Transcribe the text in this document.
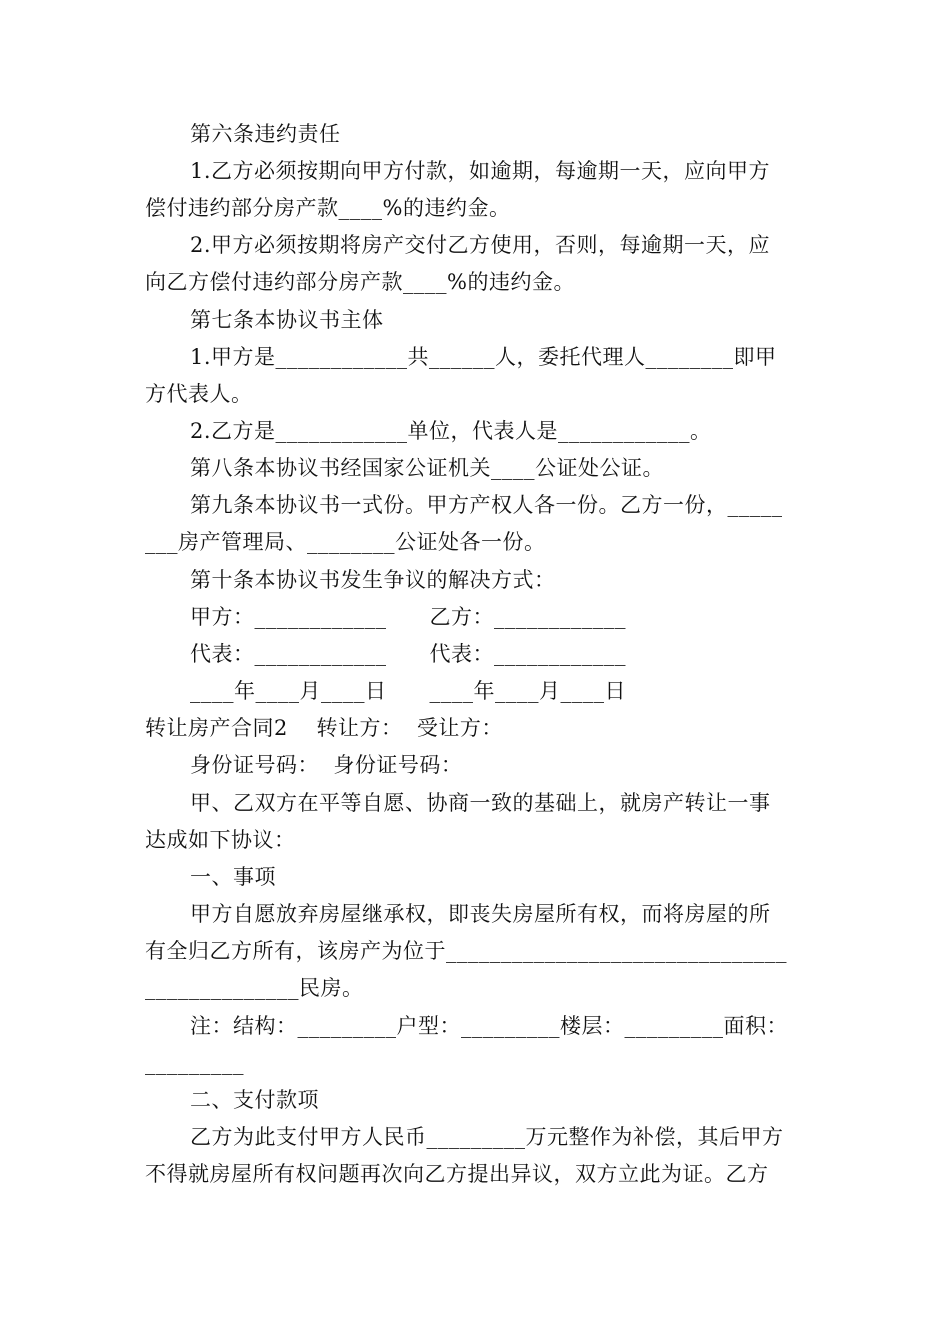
第六条违约责任
1.乙方必须按期向甲方付款，如逾期，每逾期一天，应向甲方
偿付违约部分房产款____%的违约金。
2.甲方必须按期将房产交付乙方使用，否则，每逾期一天，应
向乙方偿付违约部分房产款____%的违约金。
第七条本协议书主体
1.甲方是____________共______人，委托代理人________即甲
方代表人。
2.乙方是____________单位，代表人是____________。
第八条本协议书经国家公证机关____公证处公证。
第九条本协议书一式份。甲方产权人各一份。乙方一份，_____
___房产管理局、________公证处各一份。
第十条本协议书发生争议的解决方式：
甲方：____________      乙方：____________
代表：____________      代表：____________
____年____月____日      ____年____月____日
转让房产合同2    转让方：  受让方：
身份证号码：  身份证号码：
甲、乙双方在平等自愿、协商一致的基础上，就房产转让一事
达成如下协议：
一、事项
甲方自愿放弃房屋继承权，即丧失房屋所有权，而将房屋的所
有全归乙方所有，该房产为位于_______________________________
______________民房。
注：结构：_________户型：_________楼层：_________面积：
_________
二、支付款项
乙方为此支付甲方人民币_________万元整作为补偿，其后甲方
不得就房屋所有权问题再次向乙方提出异议，双方立此为证。乙方
